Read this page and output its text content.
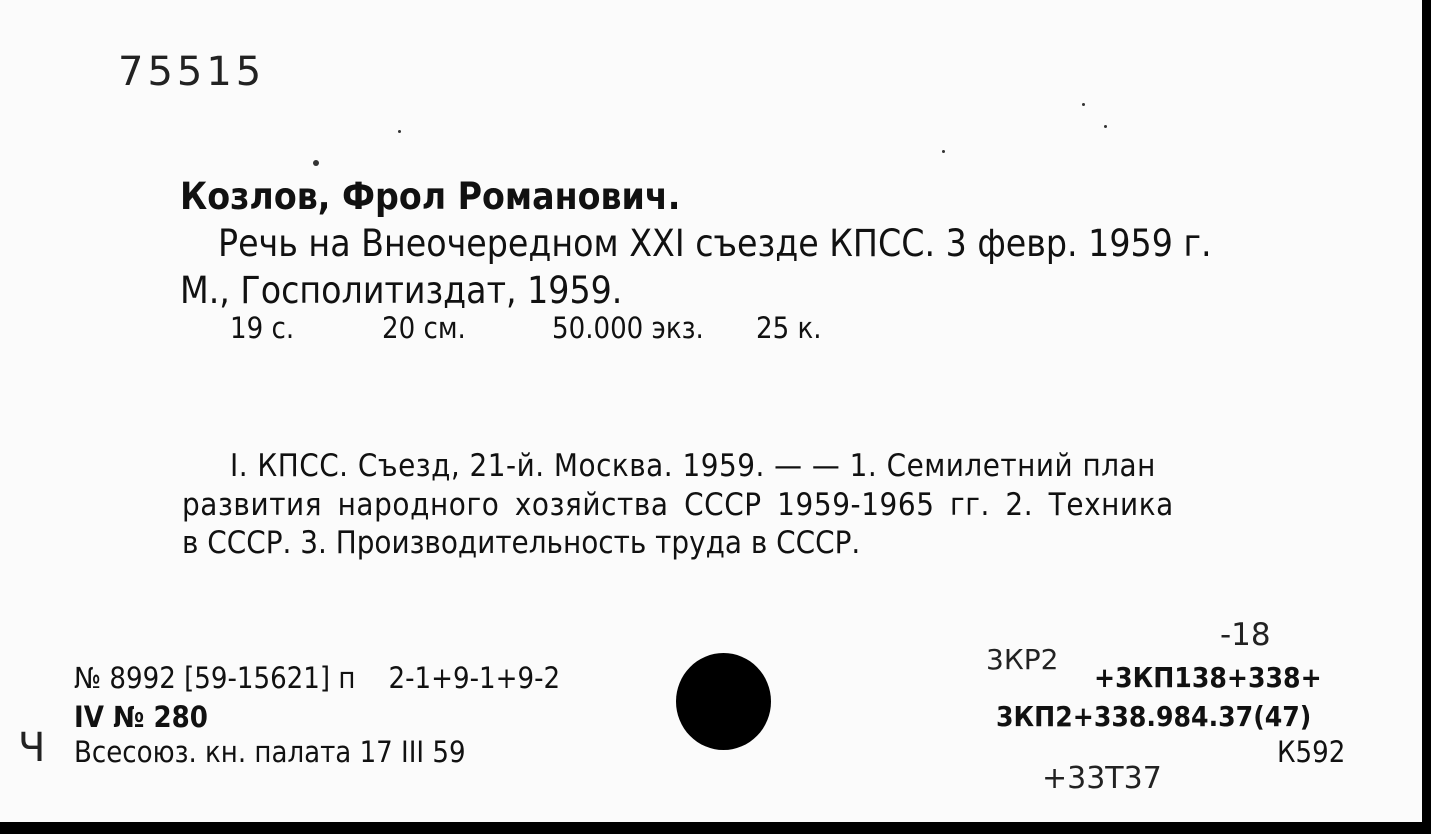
75515
Козлов, Фрол Романович.
Речь на Внеочередном XXI съезде КПСС. 3 февр. 1959 г.
М., Госполитиздат, 1959.
19 с.	20 см.	50.000 экз. 25 к.
I. КПСС. Съезд, 21-й. Москва. 1959. — — 1. Семилетний план
развития народного хозяйства СССР 1959-1965 гг. 2. Техника
в СССР. 3. Производительность труда в СССР.
№ 8992 [59-15621] п    2-1+9-1+9-2
IV № 280
Всесоюз. кн. палата 17 III 59
Ч
-18
3КР2
+3КП138+338+
3КП2+338.984.37(47)
К592
+33Т37
